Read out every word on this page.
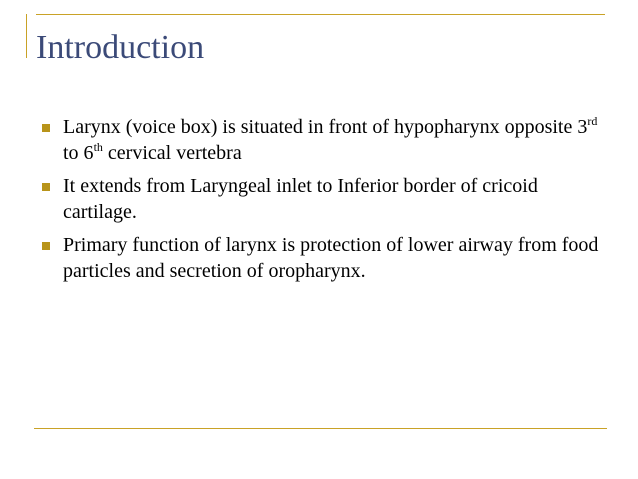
Introduction
Larynx (voice box) is situated in front of hypopharynx opposite 3rd to 6th cervical vertebra
It extends from Laryngeal inlet to Inferior border of cricoid cartilage.
Primary function of larynx is protection of lower airway from food particles and secretion of oropharynx.
